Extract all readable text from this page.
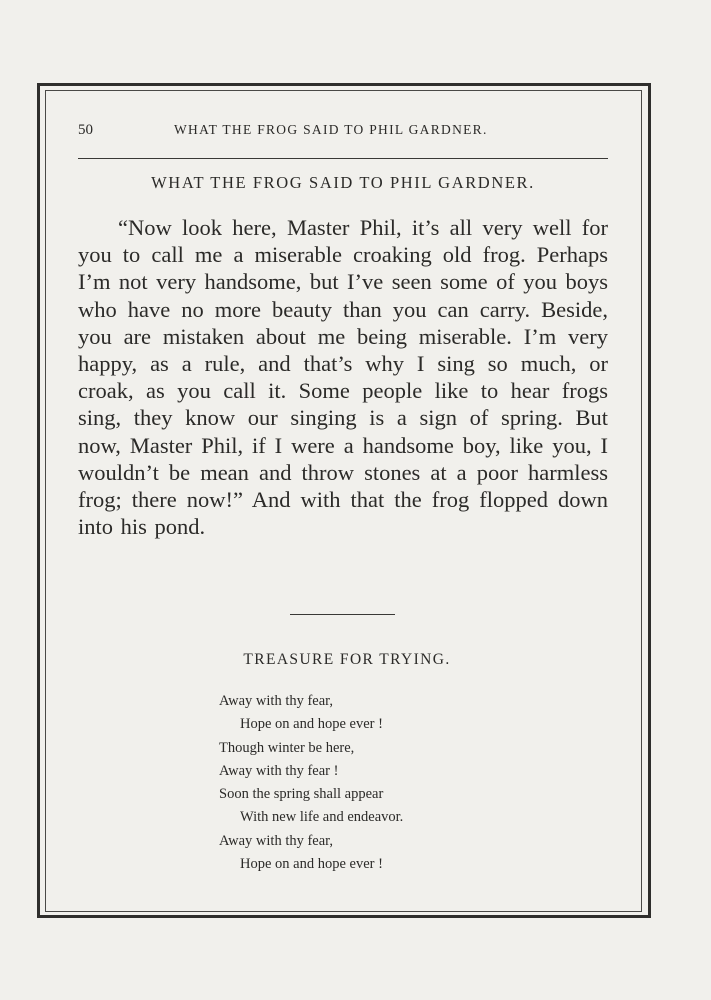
50	WHAT THE FROG SAID TO PHIL GARDNER.
WHAT THE FROG SAID TO PHIL GARDNER.

“Now look here, Master Phil, it’s all very well for you to call me a miserable croaking old frog. Perhaps I’m not very handsome, but I’ve seen some of you boys who have no more beauty than you can carry. Beside, you are mistaken about me being miserable. I’m very happy, as a rule, and that’s why I sing so much, or croak, as you call it. Some people like to hear frogs sing, they know our singing is a sign of spring. But now, Master Phil, if I were a handsome boy, like you, I wouldn’t be mean and throw stones at a poor harmless frog; there now!” And with that the frog flopped down into his pond.

TREASURE FOR TRYING.
Away with thy fear,
Hope on and hope ever !
Though winter be here,
Away with thy fear !
Soon the spring shall appear
With new life and endeavor.
Away with thy fear,
Hope on and hope ever !
